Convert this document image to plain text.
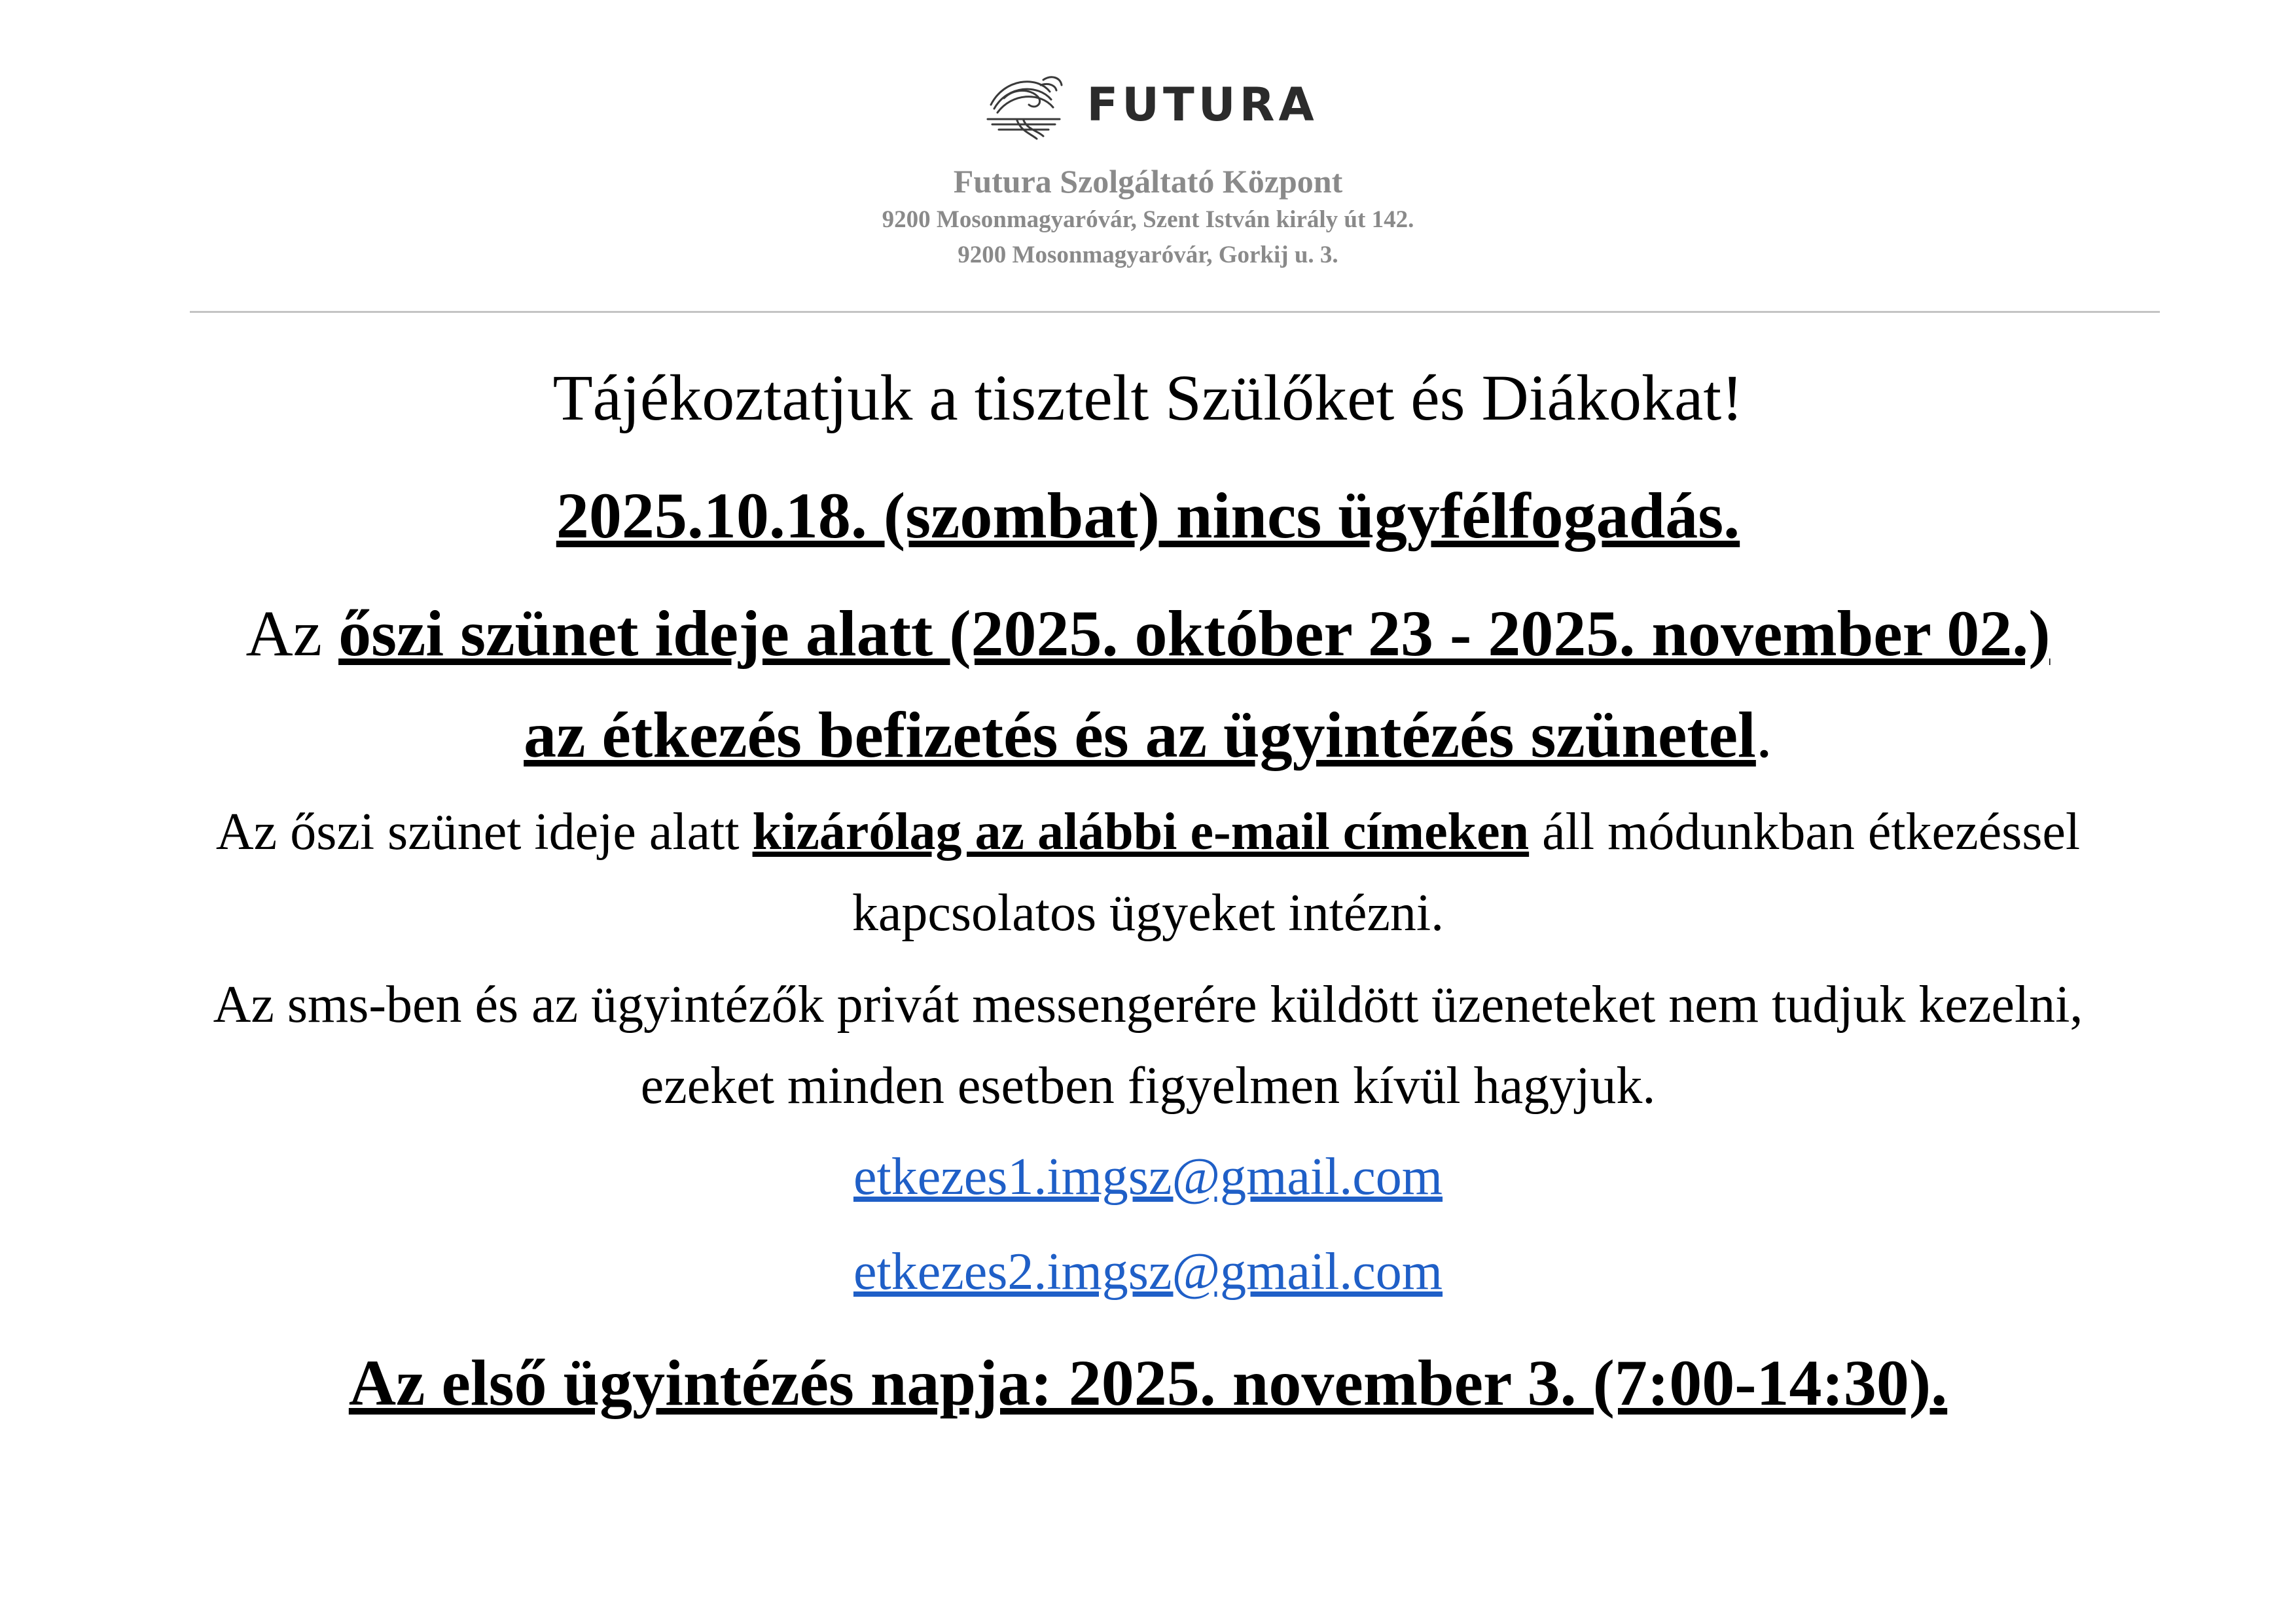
FUTURA
Futura Szolgáltató Központ
9200 Mosonmagyaróvár, Szent István király út 142.
9200 Mosonmagyaróvár, Gorkij u. 3.
Tájékoztatjuk a tisztelt Szülőket és Diákokat!
2025.10.18. (szombat) nincs ügyfélfogadás.
Az őszi szünet ideje alatt (2025. október 23 - 2025. november 02.)
az étkezés befizetés és az ügyintézés szünetel.
Az őszi szünet ideje alatt kizárólag az alábbi e-mail címeken áll módunkban étkezéssel
kapcsolatos ügyeket intézni.
Az sms-ben és az ügyintézők privát messengerére küldött üzeneteket nem tudjuk kezelni,
ezeket minden esetben figyelmen kívül hagyjuk.
etkezes1.imgsz@gmail.com
etkezes2.imgsz@gmail.com
Az első ügyintézés napja: 2025. november 3. (7:00-14:30).
